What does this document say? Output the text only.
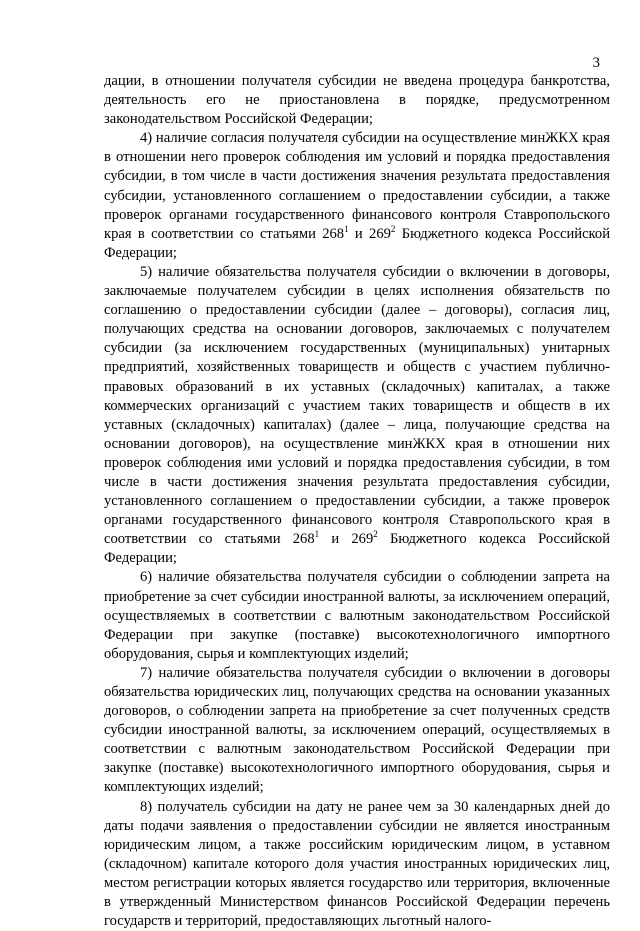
3

дации, в отношении получателя субсидии не введена процедура банкротства, деятельность его не приостановлена в порядке, предусмотренном законодательством Российской Федерации;

4) наличие согласия получателя субсидии на осуществление минЖКХ края в отношении него проверок соблюдения им условий и порядка предоставления субсидии, в том числе в части достижения значения результата предоставления субсидии, установленного соглашением о предоставлении субсидии, а также проверок органами государственного финансового контроля Ставропольского края в соответствии со статьями $268^1$ и $269^2$ Бюджетного кодекса Российской Федерации;

5) наличие обязательства получателя субсидии о включении в договоры, заключаемые получателем субсидии в целях исполнения обязательств по соглашению о предоставлении субсидии (далее – договоры), согласия лиц, получающих средства на основании договоров, заключаемых с получателем субсидии (за исключением государственных (муниципальных) унитарных предприятий, хозяйственных товариществ и обществ с участием публично-правовых образований в их уставных (складочных) капиталах, а также коммерческих организаций с участием таких товариществ и обществ в их уставных (складочных) капиталах) (далее – лица, получающие средства на основании договоров), на осуществление минЖКХ края в отношении них проверок соблюдения ими условий и порядка предоставления субсидии, в том числе в части достижения значения результата предоставления субсидии, установленного соглашением о предоставлении субсидии, а также проверок органами государственного финансового контроля Ставропольского края в соответствии со статьями $268^1$ и $269^2$ Бюджетного кодекса Российской Федерации;

6) наличие обязательства получателя субсидии о соблюдении запрета на приобретение за счет субсидии иностранной валюты, за исключением операций, осуществляемых в соответствии с валютным законодательством Российской Федерации при закупке (поставке) высокотехнологичного импортного оборудования, сырья и комплектующих изделий;

7) наличие обязательства получателя субсидии о включении в договоры обязательства юридических лиц, получающих средства на основании указанных договоров, о соблюдении запрета на приобретение за счет полученных средств субсидии иностранной валюты, за исключением операций, осуществляемых в соответствии с валютным законодательством Российской Федерации при закупке (поставке) высокотехнологичного импортного оборудования, сырья и комплектующих изделий;

8) получатель субсидии на дату не ранее чем за 30 календарных дней до даты подачи заявления о предоставлении субсидии не является иностранным юридическим лицом, а также российским юридическим лицом, в уставном (складочном) капитале которого доля участия иностранных юридических лиц, местом регистрации которых является государство или территория, включенные в утвержденный Министерством финансов Российской Федерации перечень государств и территорий, предоставляющих льготный налого-
